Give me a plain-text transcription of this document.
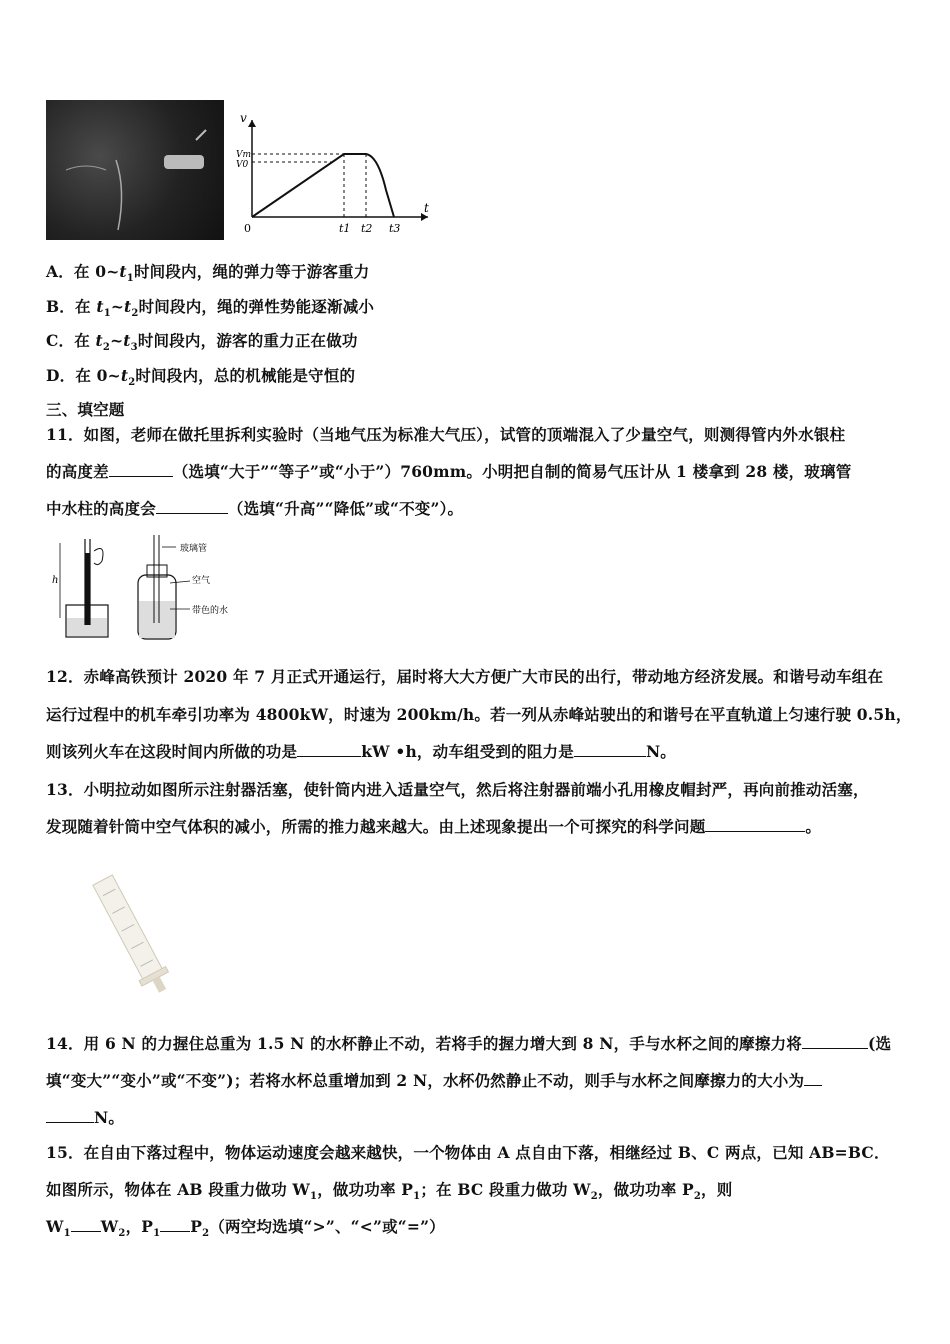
v
Vm
V0
0	t1 t2 t3
t
A．在 $0\sim t_1$时间段内，绳的弹力等于游客重力
B．在 $t_1\sim t_2$时间段内，绳的弹性势能逐渐减小
C．在 $t_2\sim t_3$时间段内，游客的重力正在做功
D．在 $0\sim t_2$时间段内，总的机械能是守恒的
三、填空题
11．如图，老师在做托里拆利实验时（当地气压为标准大气压），试管的顶端混入了少量空气，则测得管内外水银柱
的高度差	（选填“大于”“等子”或“小于”）760mm。小明把自制的简易气压计从 1 楼拿到 28 楼，玻璃管
中水柱的高度会	（选填“升高”“降低”或“不变”）。
h
玻璃管
空气
带色的水
12．赤峰高铁预计 2020 年 7 月正式开通运行，届时将大大方便广大市民的出行，带动地方经济发展。和谐号动车组在
运行过程中的机车牵引功率为 4800kW，时速为 200km/h。若一列从赤峰站驶出的和谐号在平直轨道上匀速行驶 0.5h，
则该列火车在这段时间内所做的功是	kW •h，动车组受到的阻力是	N。
13．小明拉动如图所示注射器活塞，使针筒内进入适量空气，然后将注射器前端小孔用橡皮帽封严，再向前推动活塞，
发现随着针筒中空气体积的减小，所需的推力越来越大。由上述现象提出一个可探究的科学问题	。
14．用 6 N 的力握住总重为 1.5 N 的水杯静止不动，若将手的握力增大到 8 N，手与水杯之间的摩擦力将	(选
填“变大”“变小”或“不变”)；若将水杯总重增加到 2 N，水杯仍然静止不动，则手与水杯之间摩擦力的大小为
N。
15．在自由下落过程中，物体运动速度会越来越快，一个物体由 A 点自由下落，相继经过 B、C 两点，已知 AB=BC．
如图所示，物体在 AB 段重力做功 $W_1$，做功功率 $P_1$；在 BC 段重力做功 $W_2$，做功功率 $P_2$，则
$W_1$ $W_2$，$P_1$ $P_2$（两空均选填“>”、“<”或“=”）
